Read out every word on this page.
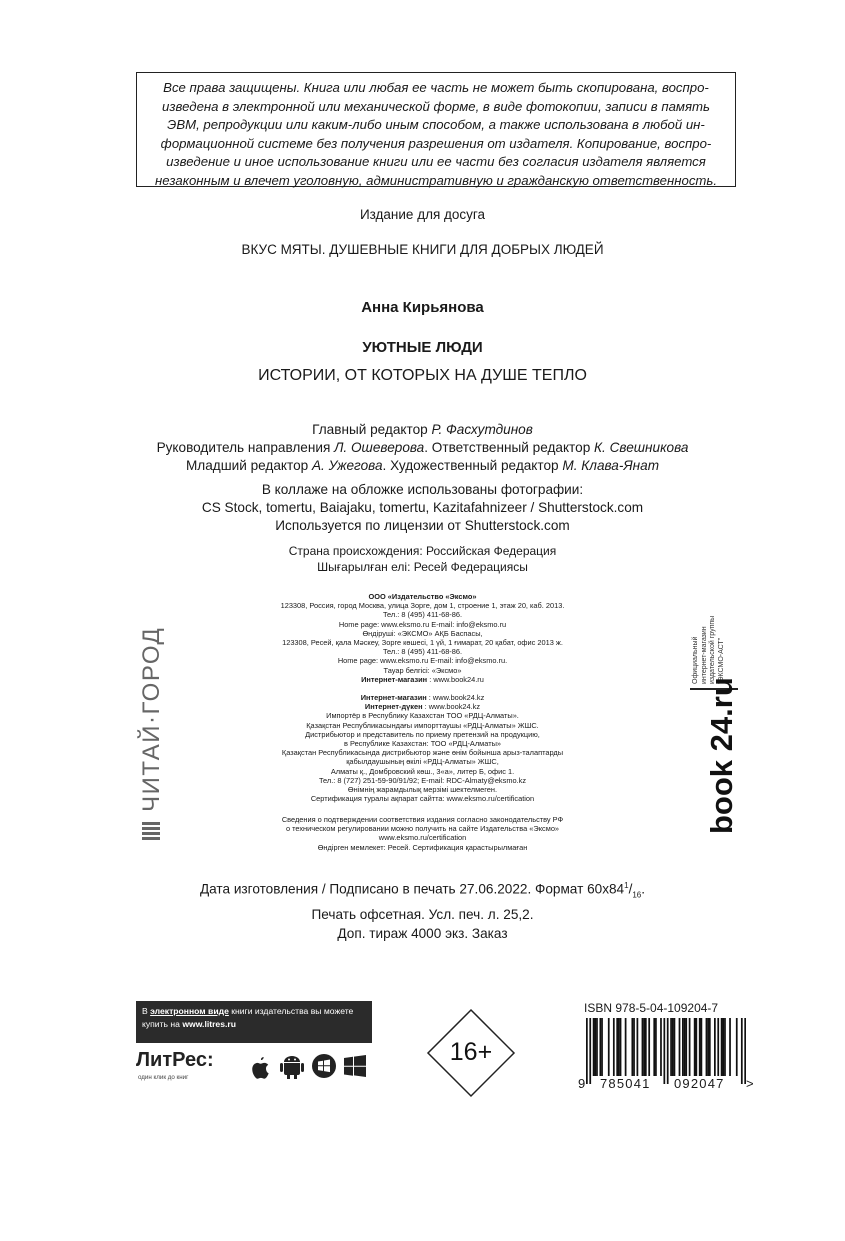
Все права защищены. Книга или любая ее часть не может быть скопирована, воспро-
изведена в электронной или механической форме, в виде фотокопии, записи в память
ЭВМ, репродукции или каким-либо иным способом, а также использована в любой ин-
формационной системе без получения разрешения от издателя. Копирование, воспро-
изведение и иное использование книги или ее части без согласия издателя является
незаконным и влечет уголовную, административную и гражданскую ответственность.
Издание для досуга
ВКУС МЯТЫ. ДУШЕВНЫЕ КНИГИ ДЛЯ ДОБРЫХ ЛЮДЕЙ
Анна Кирьянова
УЮТНЫЕ ЛЮДИ
ИСТОРИИ, ОТ КОТОРЫХ НА ДУШЕ ТЕПЛО
Главный редактор Р. Фасхутдинов
Руководитель направления Л. Ошеверова. Ответственный редактор К. Свешникова
Младший редактор А. Ужегова. Художественный редактор М. Клава-Янат
В коллаже на обложке использованы фотографии:
CS Stock, tomertu, Baiajaku, tomertu, Kazitafahnizeer / Shutterstock.com
Используется по лицензии от Shutterstock.com
Страна происхождения: Российская Федерация
Шығарылған елі: Ресей Федерациясы
ООО «Издательство «Эксмо»
123308, Россия, город Москва, улица Зорге, дом 1, строение 1, этаж 20, каб. 2013.
Тел.: 8 (495) 411-68-86.
Home page: www.eksmo.ru E-mail: info@eksmo.ru
Өндіруші: «ЭКСМО» АҚБ Баспасы,
123308, Ресей, қала Мәскеу, Зорге көшесі, 1 үй, 1 ғимарат, 20 қабат, офис 2013 ж.
Тел.: 8 (495) 411-68-86.
Home page: www.eksmo.ru E-mail: info@eksmo.ru.
Тауар белгісі: «Эксмо»
Интернет-магазин : www.book24.ru
Интернет-магазин : www.book24.kz
Интернет-дүкен : www.book24.kz
Импортёр в Республику Казахстан ТОО «РДЦ-Алматы».
Қазақстан Республикасындағы импорттаушы «РДЦ-Алматы» ЖШС.
Дистрибьютор и представитель по приему претензий на продукцию,
в Республике Казахстан: ТОО «РДЦ-Алматы»
Қазақстан Республикасында дистрибьютор және өнім бойынша арыз-талаптарды
қабылдаушының өкілі «РДЦ-Алматы» ЖШС,
Алматы қ., Домбровский көш., 3«а», литер Б, офис 1.
Тел.: 8 (727) 251-59-90/91/92; E-mail: RDC-Almaty@eksmo.kz
Өнімнің жарамдылық мерзімі шектелмеген.
Сертификация туралы ақпарат сайтта: www.eksmo.ru/certification
Сведения о подтверждении соответствия издания согласно законодательству РФ
о техническом регулировании можно получить на сайте Издательства «Эксмо»
www.eksmo.ru/certification
Өндірген мемлекет: Ресей. Сертификация қарастырылмаған
ЧИТАЙ·ГОРОД	Официальный интернет-магазин издательской группы "ЭКСМО-АСТ"
book 24.ru
Дата изготовления / Подписано в печать 27.06.2022. Формат $60x84^1/_{16}$.
Печать офсетная. Усл. печ. л. 25,2.
Доп. тираж 4000 экз. Заказ
В электронном виде книги издательства вы можете
купить на www.litres.ru
ЛитРес:
один клик до книг
16+
ISBN 978-5-04-109204-7
9 785041 092047 >
